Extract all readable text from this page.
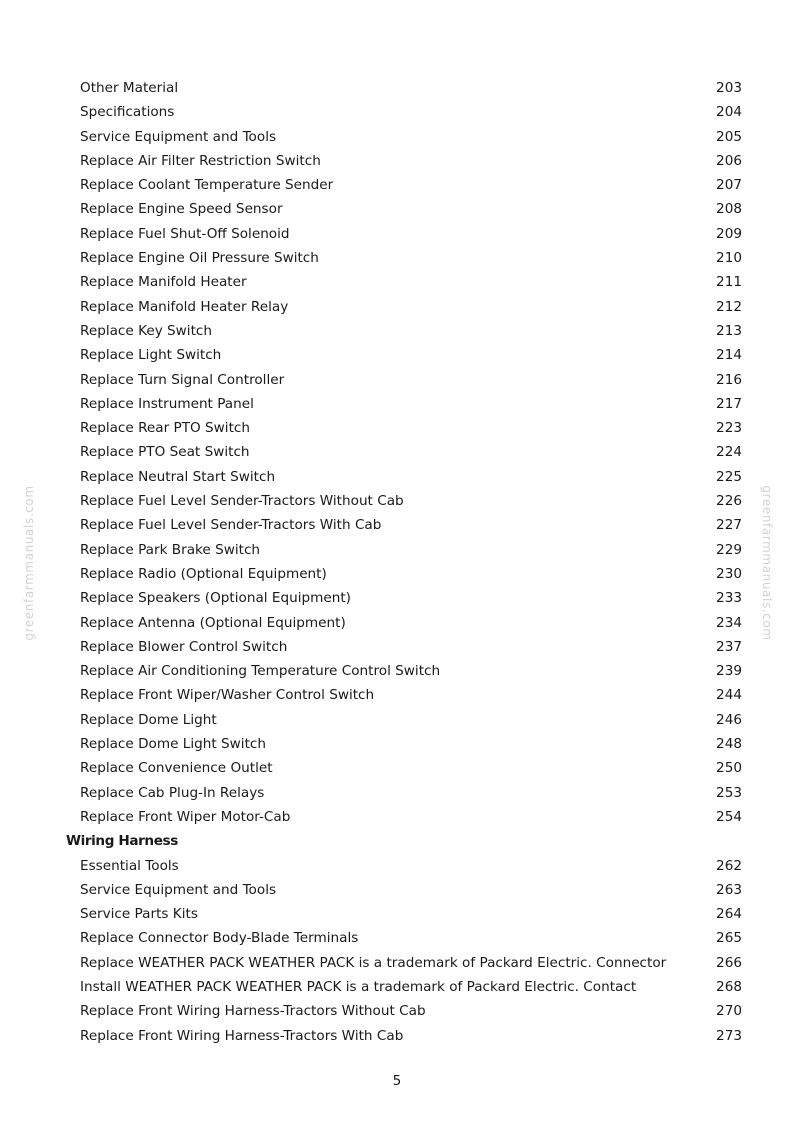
greenfarmmanuals.com	greenfarmmanuals.com
Other Material	203
Specifications	204
Service Equipment and Tools	205
Replace Air Filter Restriction Switch	206
Replace Coolant Temperature Sender	207
Replace Engine Speed Sensor	208
Replace Fuel Shut-Off Solenoid	209
Replace Engine Oil Pressure Switch	210
Replace Manifold Heater	211
Replace Manifold Heater Relay	212
Replace Key Switch	213
Replace Light Switch	214
Replace Turn Signal Controller	216
Replace Instrument Panel	217
Replace Rear PTO Switch	223
Replace PTO Seat Switch	224
Replace Neutral Start Switch	225
Replace Fuel Level Sender-Tractors Without Cab	226
Replace Fuel Level Sender-Tractors With Cab	227
Replace Park Brake Switch	229
Replace Radio (Optional Equipment)	230
Replace Speakers (Optional Equipment)	233
Replace Antenna (Optional Equipment)	234
Replace Blower Control Switch	237
Replace Air Conditioning Temperature Control Switch	239
Replace Front Wiper/Washer Control Switch	244
Replace Dome Light	246
Replace Dome Light Switch	248
Replace Convenience Outlet	250
Replace Cab Plug-In Relays	253
Replace Front Wiper Motor-Cab	254
Wiring Harness
Essential Tools	262
Service Equipment and Tools	263
Service Parts Kits	264
Replace Connector Body-Blade Terminals	265
Replace WEATHER PACK WEATHER PACK is a trademark of Packard Electric. Connector	266
Install WEATHER PACK WEATHER PACK is a trademark of Packard Electric. Contact	268
Replace Front Wiring Harness-Tractors Without Cab	270
Replace Front Wiring Harness-Tractors With Cab	273
5
